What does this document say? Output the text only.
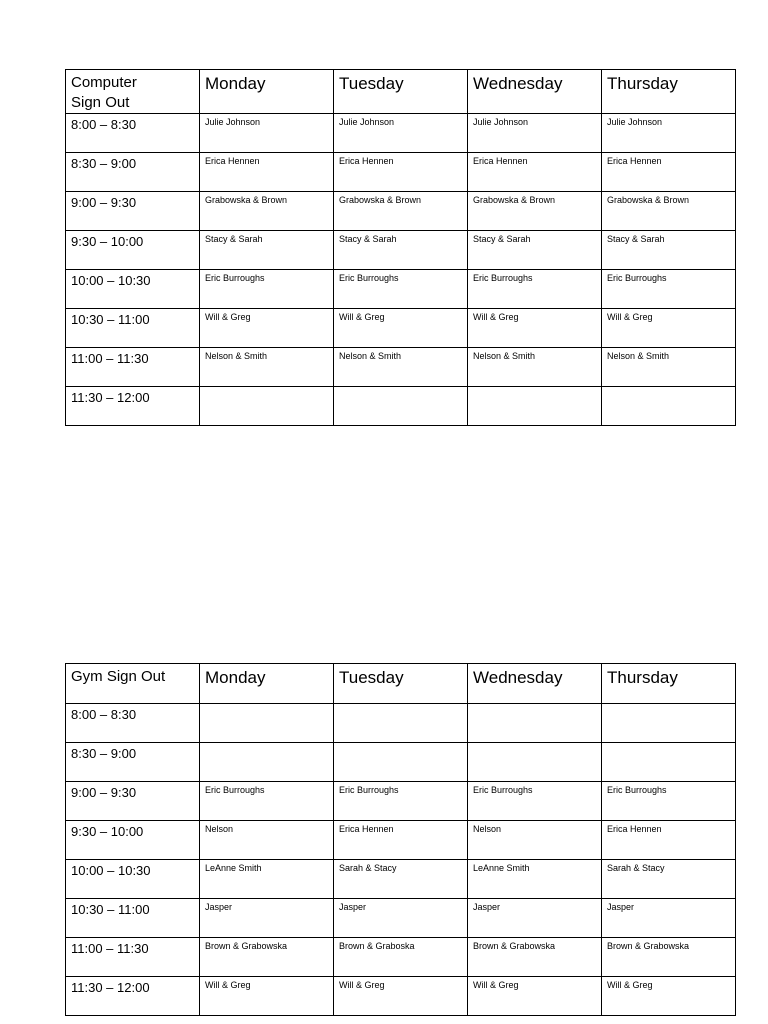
Computer
Sign Out	Monday	Tuesday	Wednesday	Thursday
8:00 – 8:30	Julie Johnson	Julie Johnson	Julie Johnson	Julie Johnson
8:30 – 9:00	Erica Hennen	Erica Hennen	Erica Hennen	Erica Hennen
9:00 – 9:30	Grabowska & Brown	Grabowska & Brown	Grabowska & Brown	Grabowska & Brown
9:30 – 10:00	Stacy & Sarah	Stacy & Sarah	Stacy & Sarah	Stacy & Sarah
10:00 – 10:30	Eric Burroughs	Eric Burroughs	Eric Burroughs	Eric Burroughs
10:30 – 11:00	Will & Greg	Will & Greg	Will & Greg	Will & Greg
11:00 – 11:30	Nelson & Smith	Nelson & Smith	Nelson & Smith	Nelson & Smith
11:30 – 12:00				
Gym Sign Out	Monday	Tuesday	Wednesday	Thursday
8:00 – 8:30				
8:30 – 9:00				
9:00 – 9:30	Eric Burroughs	Eric Burroughs	Eric Burroughs	Eric Burroughs
9:30 – 10:00	Nelson	Erica Hennen	Nelson	Erica Hennen
10:00 – 10:30	LeAnne Smith	Sarah & Stacy	LeAnne Smith	Sarah & Stacy
10:30 – 11:00	Jasper	Jasper	Jasper	Jasper
11:00 – 11:30	Brown & Grabowska	Brown & Graboska	Brown & Grabowska	Brown & Grabowska
11:30 – 12:00	Will & Greg	Will & Greg	Will & Greg	Will & Greg
